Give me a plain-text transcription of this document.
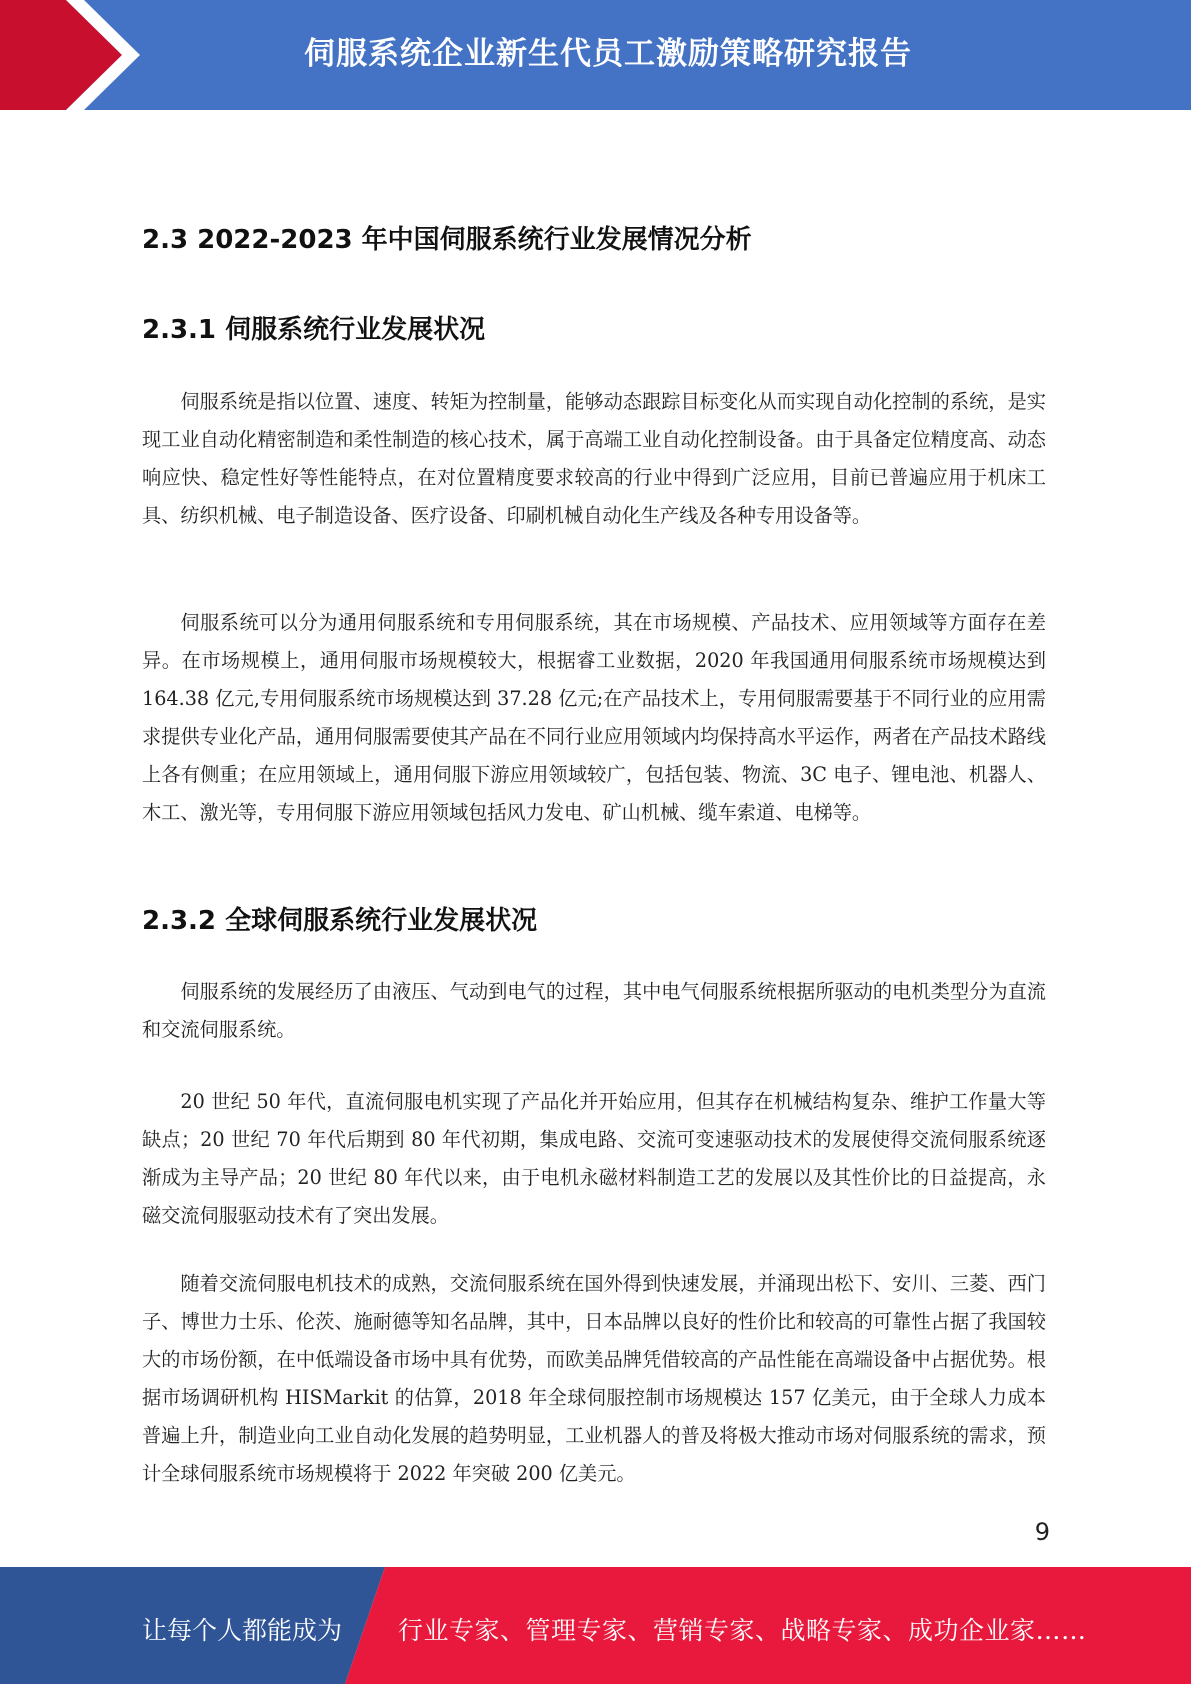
伺服系统企业新生代员工激励策略研究报告
2.3 2022-2023 年中国伺服系统行业发展情况分析
2.3.1 伺服系统行业发展状况

伺服系统是指以位置、速度、转矩为控制量，能够动态跟踪目标变化从而实现自动化控制的系统，是实现工业自动化精密制造和柔性制造的核心技术，属于高端工业自动化控制设备。由于具备定位精度高、动态响应快、稳定性好等性能特点，在对位置精度要求较高的行业中得到广泛应用，目前已普遍应用于机床工具、纺织机械、电子制造设备、医疗设备、印刷机械自动化生产线及各种专用设备等。

伺服系统可以分为通用伺服系统和专用伺服系统，其在市场规模、产品技术、应用领域等方面存在差异。在市场规模上，通用伺服市场规模较大，根据睿工业数据，2020 年我国通用伺服系统市场规模达到 164.38 亿元,专用伺服系统市场规模达到 37.28 亿元;在产品技术上，专用伺服需要基于不同行业的应用需求提供专业化产品，通用伺服需要使其产品在不同行业应用领域内均保持高水平运作，两者在产品技术路线上各有侧重；在应用领域上，通用伺服下游应用领域较广，包括包装、物流、3C 电子、锂电池、机器人、木工、激光等，专用伺服下游应用领域包括风力发电、矿山机械、缆车索道、电梯等。

2.3.2 全球伺服系统行业发展状况

伺服系统的发展经历了由液压、气动到电气的过程，其中电气伺服系统根据所驱动的电机类型分为直流和交流伺服系统。

20 世纪 50 年代，直流伺服电机实现了产品化并开始应用，但其存在机械结构复杂、维护工作量大等缺点；20 世纪 70 年代后期到 80 年代初期，集成电路、交流可变速驱动技术的发展使得交流伺服系统逐渐成为主导产品；20 世纪 80 年代以来，由于电机永磁材料制造工艺的发展以及其性价比的日益提高，永磁交流伺服驱动技术有了突出发展。

随着交流伺服电机技术的成熟，交流伺服系统在国外得到快速发展，并涌现出松下、安川、三菱、西门子、博世力士乐、伦茨、施耐德等知名品牌，其中，日本品牌以良好的性价比和较高的可靠性占据了我国较大的市场份额，在中低端设备市场中具有优势，而欧美品牌凭借较高的产品性能在高端设备中占据优势。根据市场调研机构 HISMarkit 的估算，2018 年全球伺服控制市场规模达 157 亿美元，由于全球人力成本普遍上升，制造业向工业自动化发展的趋势明显，工业机器人的普及将极大推动市场对伺服系统的需求，预计全球伺服系统市场规模将于 2022 年突破 200 亿美元。

9
让每个人都能成为 行业专家、管理专家、营销专家、战略专家、成功企业家……
